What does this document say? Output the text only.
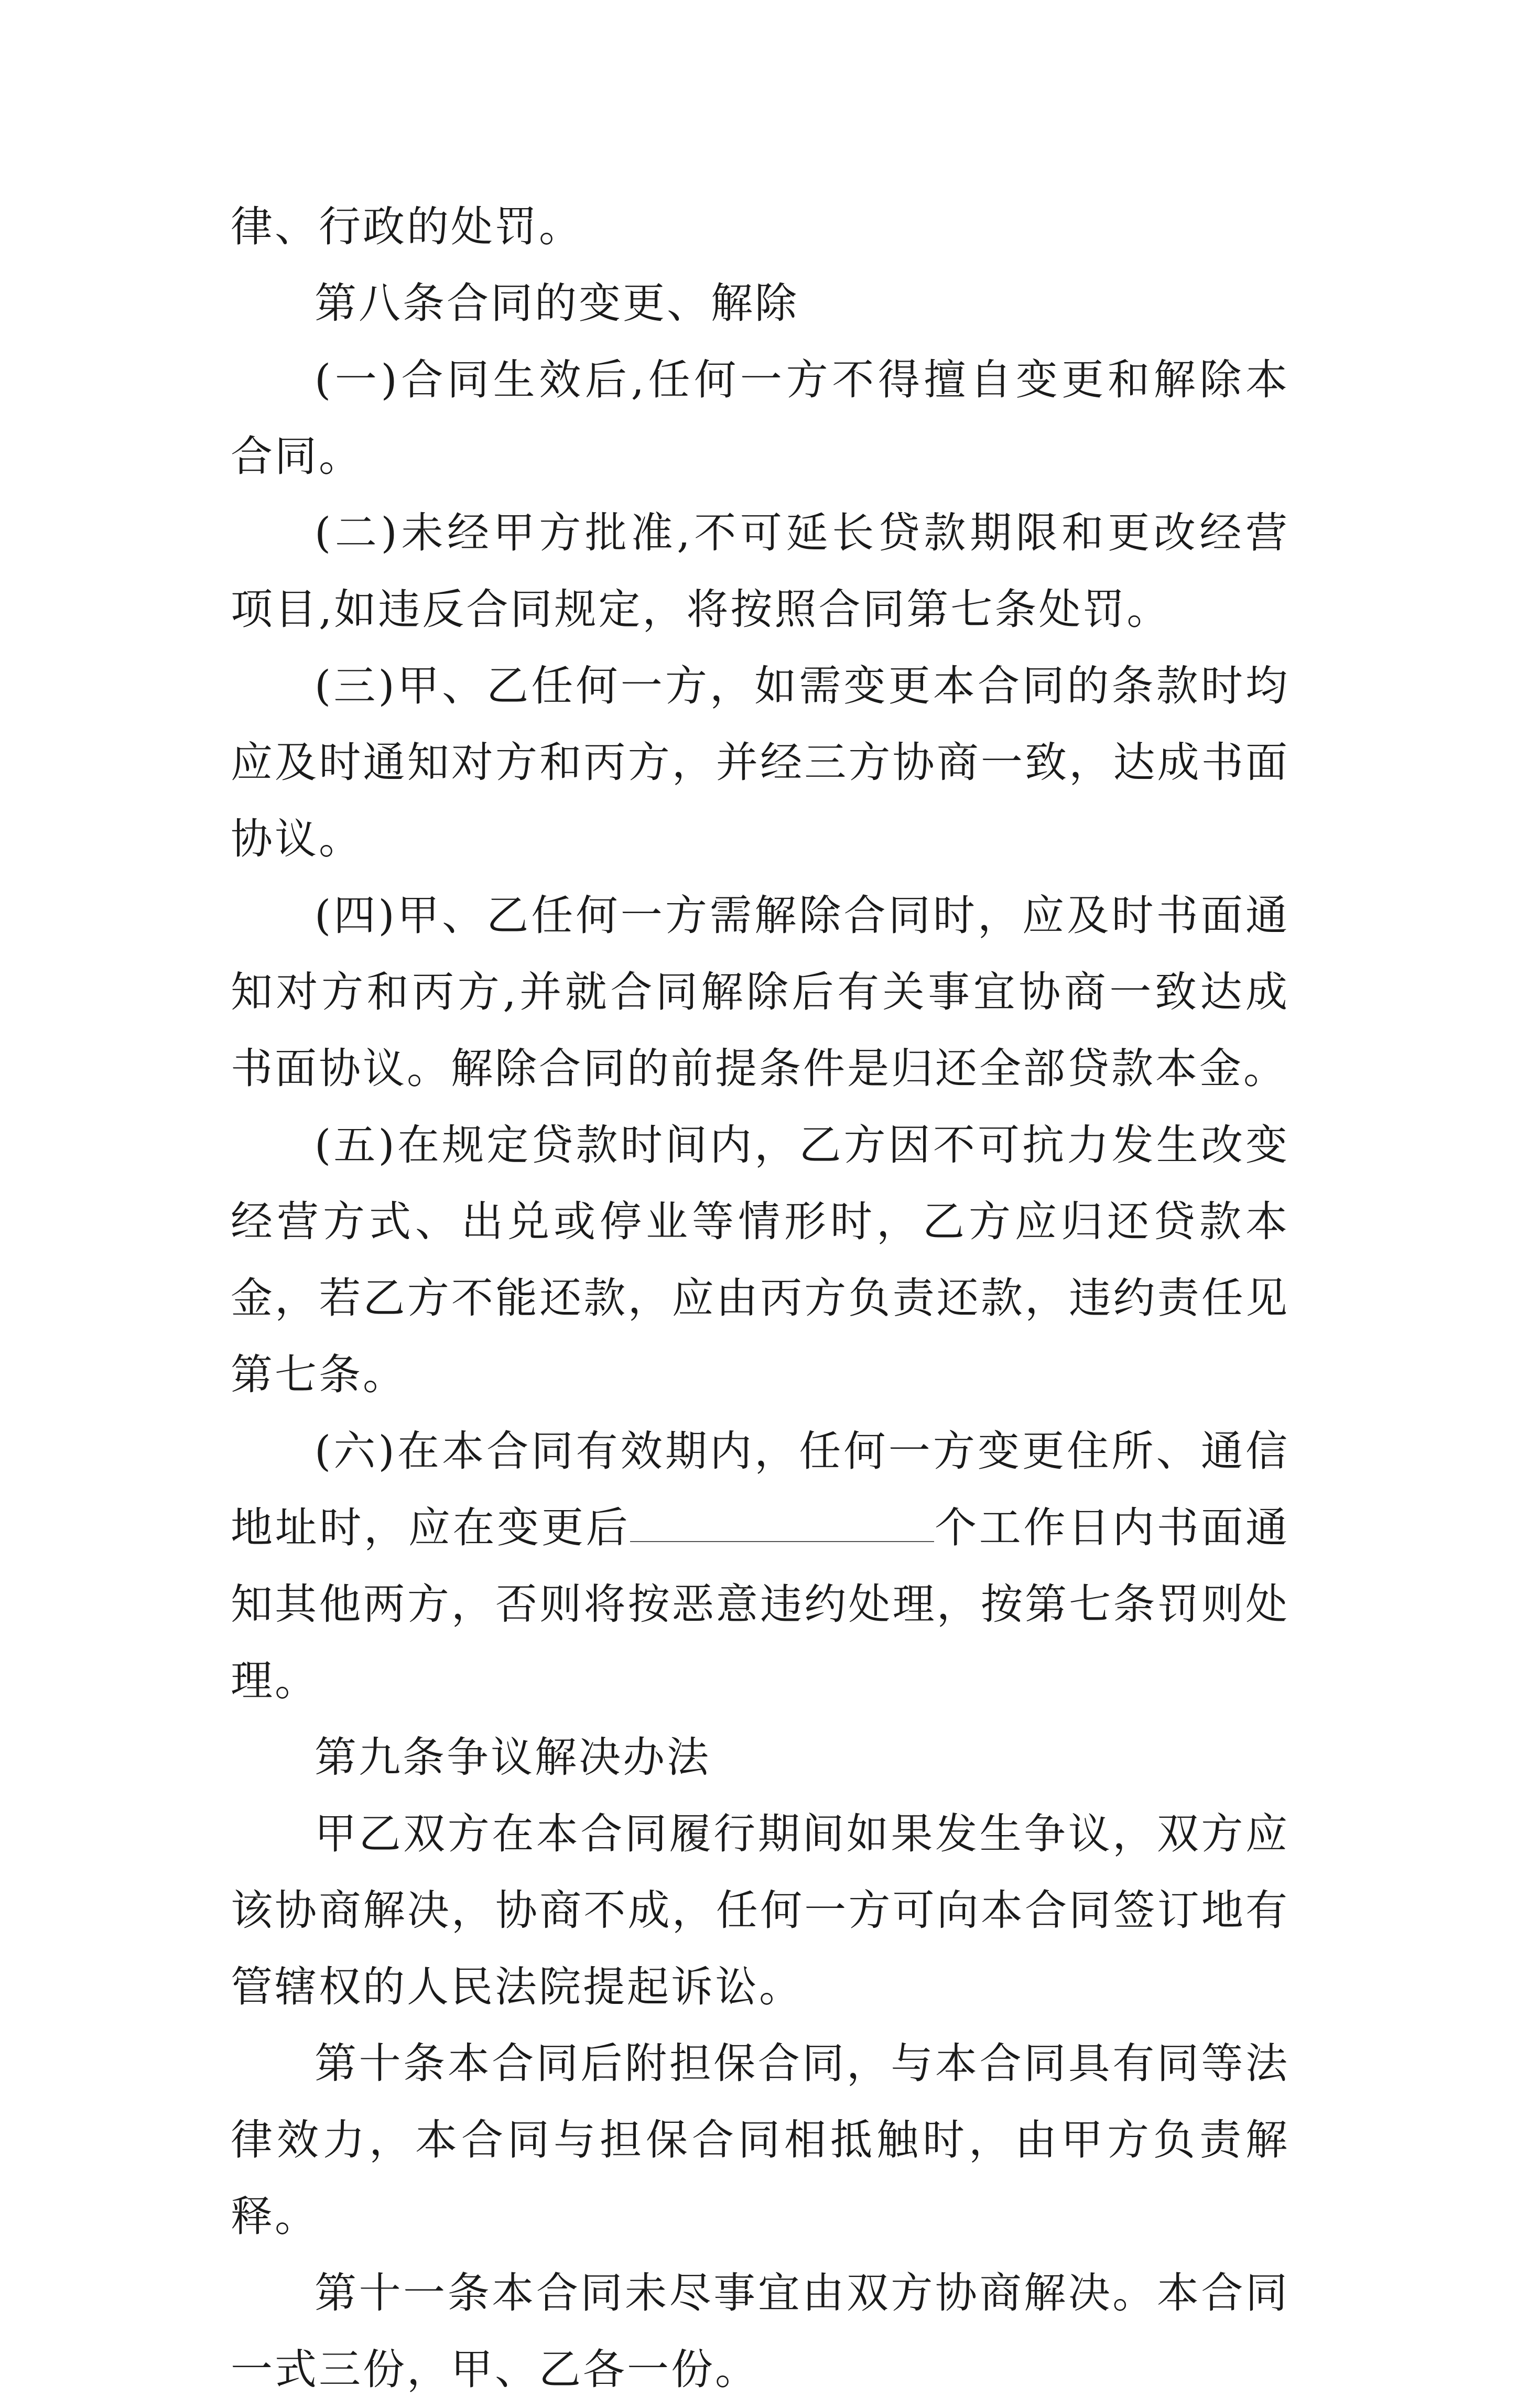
律、行政的处罚。

第八条合同的变更、解除

(一)合同生效后,任何一方不得擅自变更和解除本合同。

(二)未经甲方批准,不可延长贷款期限和更改经营项目,如违反合同规定，将按照合同第七条处罚。

(三)甲、乙任何一方，如需变更本合同的条款时均应及时通知对方和丙方，并经三方协商一致，达成书面协议。

(四)甲、乙任何一方需解除合同时，应及时书面通知对方和丙方,并就合同解除后有关事宜协商一致达成书面协议。解除合同的前提条件是归还全部贷款本金。

(五)在规定贷款时间内，乙方因不可抗力发生改变经营方式、出兑或停业等情形时，乙方应归还贷款本金，若乙方不能还款，应由丙方负责还款，违约责任见第七条。

(六)在本合同有效期内，任何一方变更住所、通信地址时，应在变更后	个工作日内书面通知其他两方，否则将按恶意违约处理，按第七条罚则处理。

第九条争议解决办法

甲乙双方在本合同履行期间如果发生争议，双方应该协商解决，协商不成，任何一方可向本合同签订地有管辖权的人民法院提起诉讼。

第十条本合同后附担保合同，与本合同具有同等法律效力，本合同与担保合同相抵触时，由甲方负责解释。

第十一条本合同未尽事宜由双方协商解决。本合同一式三份，甲、乙各一份。
